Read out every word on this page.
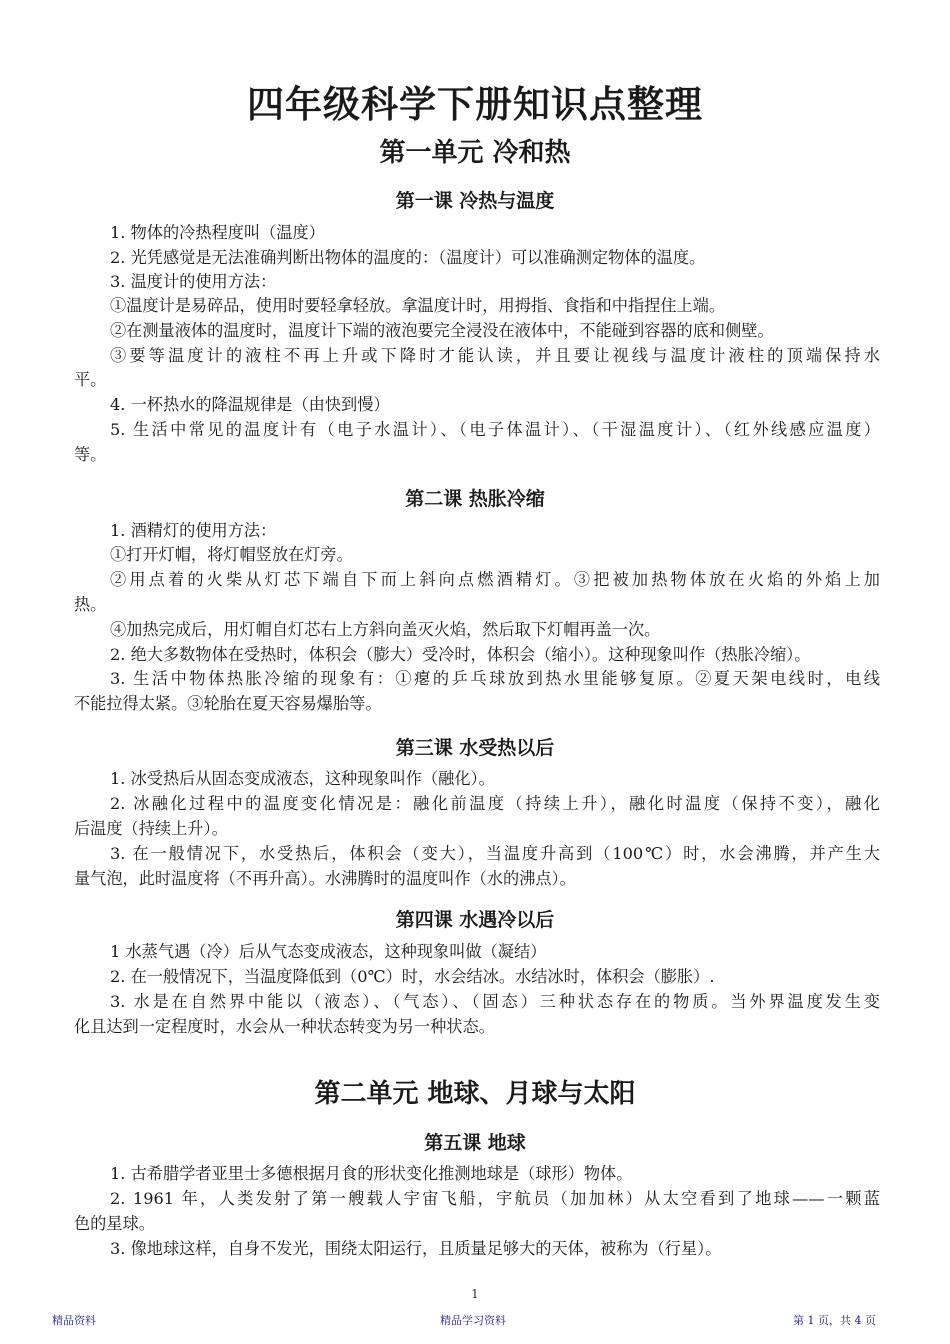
四年级科学下册知识点整理
第一单元 冷和热
第一课 冷热与温度
1. 物体的冷热程度叫（温度）
2. 光凭感觉是无法准确判断出物体的温度的：（温度计）可以准确测定物体的温度。
3. 温度计的使用方法：
①温度计是易碎品，使用时要轻拿轻放。拿温度计时，用拇指、食指和中指捏住上端。
②在测量液体的温度时，温度计下端的液泡要完全浸没在液体中，不能碰到容器的底和侧壁。
③要等温度计的液柱不再上升或下降时才能认读，并且要让视线与温度计液柱的顶端保持水
平。
4. 一杯热水的降温规律是（由快到慢）
5. 生活中常见的温度计有（电子水温计）、（电子体温计）、（干湿温度计）、（红外线感应温度）
等。
第二课 热胀冷缩
1. 酒精灯的使用方法：
①打开灯帽，将灯帽竖放在灯旁。
②用点着的火柴从灯芯下端自下而上斜向点燃酒精灯。③把被加热物体放在火焰的外焰上加
热。
④加热完成后，用灯帽自灯芯右上方斜向盖灭火焰，然后取下灯帽再盖一次。
2. 绝大多数物体在受热时，体积会（膨大）受冷时，体积会（缩小）。这种现象叫作（热胀冷缩）。
3. 生活中物体热胀冷缩的现象有：①瘪的乒乓球放到热水里能够复原。②夏天架电线时，电线
不能拉得太紧。③轮胎在夏天容易爆胎等。
第三课 水受热以后
1. 冰受热后从固态变成液态，这种现象叫作（融化）。
2. 冰融化过程中的温度变化情况是：融化前温度（持续上升），融化时温度（保持不变），融化
后温度（持续上升）。
3. 在一般情况下，水受热后，体积会（变大），当温度升高到（100℃）时，水会沸腾，并产生大
量气泡，此时温度将（不再升高）。水沸腾时的温度叫作（水的沸点）。
第四课 水遇冷以后
1 水蒸气遇（冷）后从气态变成液态，这种现象叫做（凝结）
2. 在一般情况下，当温度降低到（0℃）时，水会结冰。水结冰时，体积会（膨胀）.
3. 水是在自然界中能以（液态）、（气态）、（固态）三种状态存在的物质。当外界温度发生变
化且达到一定程度时，水会从一种状态转变为另一种状态。
第二单元 地球、月球与太阳
第五课 地球
1. 古希腊学者亚里士多德根据月食的形状变化推测地球是（球形）物体。
2. 1961 年，人类发射了第一艘载人宇宙飞船，宇航员（加加林）从太空看到了地球——一颗蓝
色的星球。
3. 像地球这样，自身不发光，围绕太阳运行，且质量足够大的天体，被称为（行星）。
1
精品资料	精品学习资料	第 1 页，共 4 页
